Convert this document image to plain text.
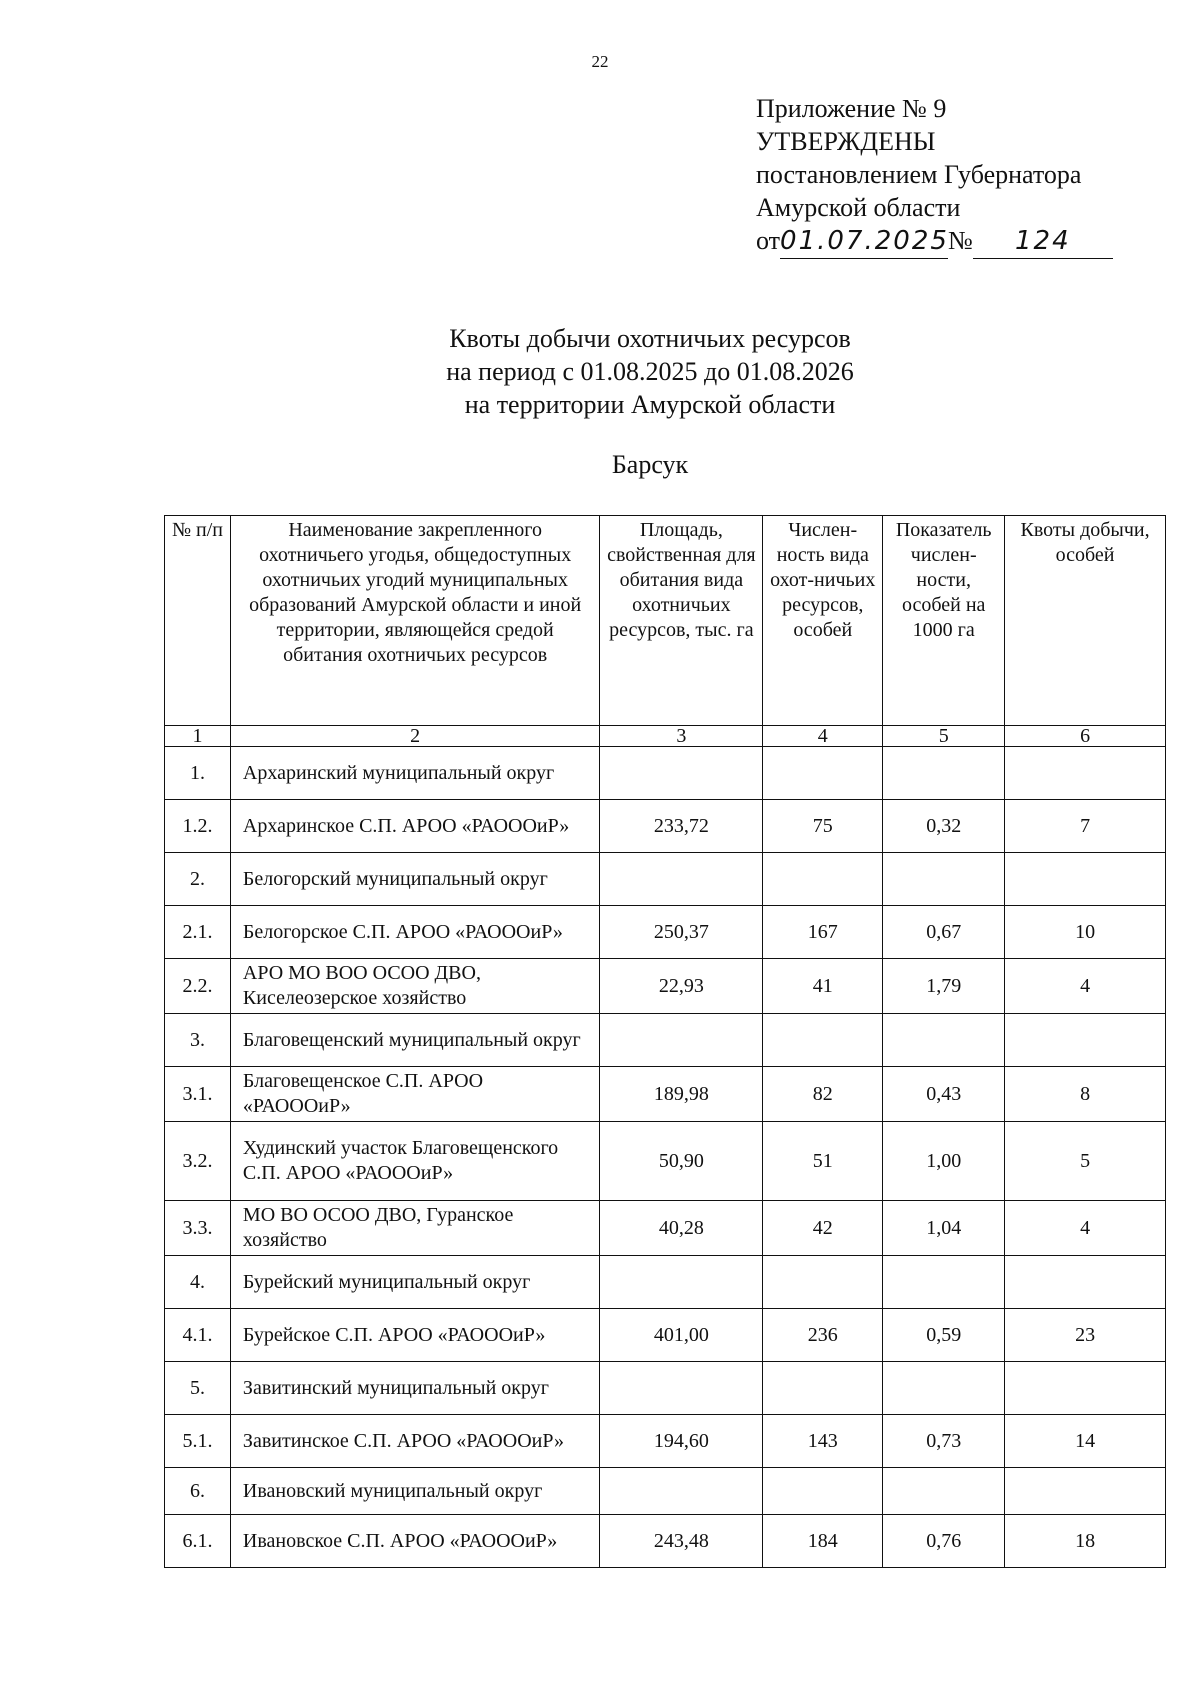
22
Приложение № 9
УТВЕРЖДЕНЫ
постановлением Губернатора
Амурской области
от01.07.2025№ 124
Квоты добычи охотничьих ресурсов
на период с 01.08.2025 до 01.08.2026
на территории Амурской области
Барсук
№ п/п	Наименование закрепленного охотничьего угодья, общедоступных охотничьих угодий муниципальных образований Амурской области и иной территории, являющейся средой обитания охотничьих ресурсов	Площадь, свойственная для обитания вида охотничьих ресурсов, тыс. га	Числен-ность вида охот-ничьих ресурсов, особей	Показатель числен-ности, особей на 1000 га	Квоты добычи, особей
1	2	3	4	5	6
1.	Архаринский муниципальный округ				
1.2.	Архаринское С.П. АРОО «РАОООиР»	233,72	75	0,32	7
2.	Белогорский муниципальный округ				
2.1.	Белогорское С.П. АРОО «РАОООиР»	250,37	167	0,67	10
2.2.	АРО МО ВОО ОСОО ДВО, Киселеозерское хозяйство	22,93	41	1,79	4
3.	Благовещенский муниципальный округ				
3.1.	Благовещенское С.П. АРОО «РАОООиР»	189,98	82	0,43	8
3.2.	Худинский участок Благовещенского С.П. АРОО «РАОООиР»	50,90	51	1,00	5
3.3.	МО ВО ОСОО ДВО, Гуранское хозяйство	40,28	42	1,04	4
4.	Бурейский муниципальный округ				
4.1.	Бурейское С.П. АРОО «РАОООиР»	401,00	236	0,59	23
5.	Завитинский муниципальный округ				
5.1.	Завитинское С.П. АРОО «РАОООиР»	194,60	143	0,73	14
6.	Ивановский муниципальный округ				
6.1.	Ивановское С.П. АРОО «РАОООиР»	243,48	184	0,76	18
